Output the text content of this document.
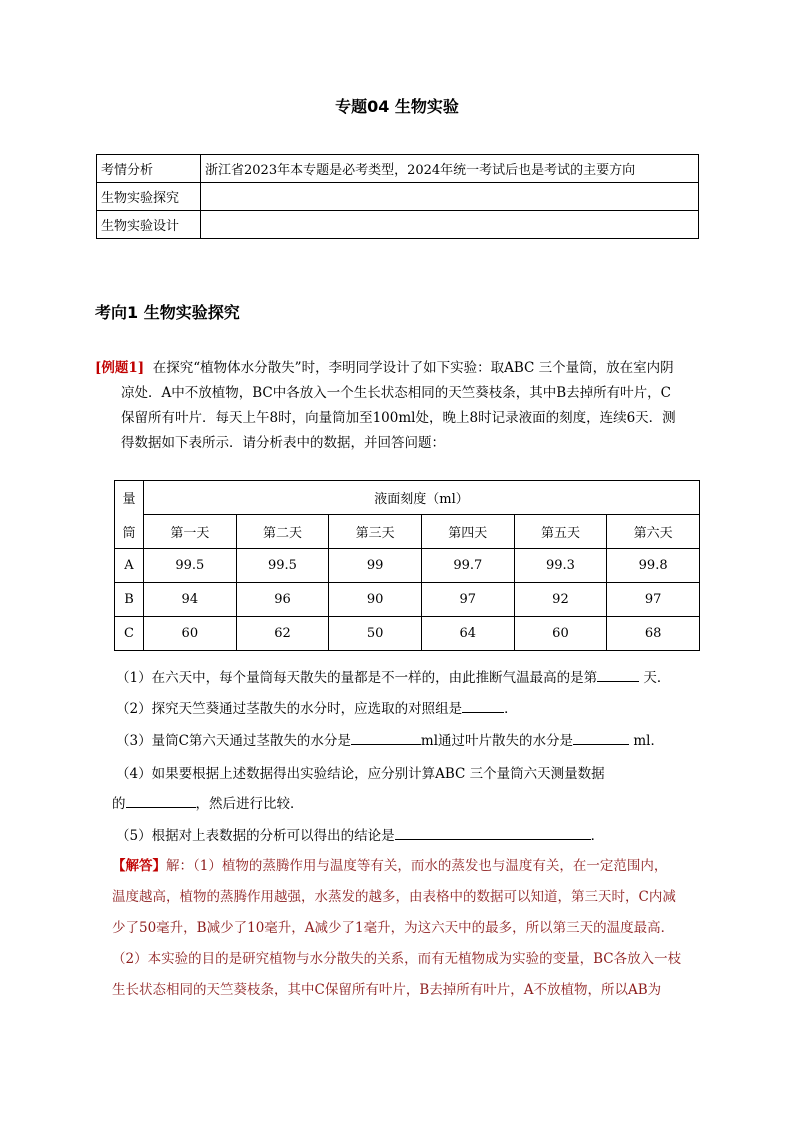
专题04 生物实验
考情分析	浙江省2023年本专题是必考类型，2024年统一考试后也是考试的主要方向
生物实验探究	
生物实验设计	
考向1 生物实验探究
[例题1] 在探究“植物体水分散失”时，李明同学设计了如下实验：取ABC 三个量筒，放在室内阴
凉处．A中不放植物，BC中各放入一个生长状态相同的天竺葵枝条，其中B去掉所有叶片，C
保留所有叶片．每天上午8时，向量筒加至100ml处，晚上8时记录液面的刻度，连续6天．测
得数据如下表所示．请分析表中的数据，并回答问题：
量

筒	液面刻度（ml）					
	第一天	第二天	第三天	第四天	第五天	第六天
A	99.5	99.5	99	99.7	99.3	99.8
B	94	96	90	97	92	97
C	60	62	50	64	60	68
（1）在六天中，每个量筒每天散失的量都是不一样的，由此推断气温最高的是第	天．
（2）探究天竺葵通过茎散失的水分时，应选取的对照组是	．
（3）量筒C第六天通过茎散失的水分是	ml通过叶片散失的水分是	ml．
（4）如果要根据上述数据得出实验结论，应分别计算ABC 三个量筒六天测量数据
的	，然后进行比较．
（5）根据对上表数据的分析可以得出的结论是	．
【解答】解：（1）植物的蒸腾作用与温度等有关，而水的蒸发也与温度有关，在一定范围内，
温度越高，植物的蒸腾作用越强，水蒸发的越多，由表格中的数据可以知道，第三天时，C内减
少了50毫升，B减少了10毫升，A减少了1毫升，为这六天中的最多，所以第三天的温度最高．
（2）本实验的目的是研究植物与水分散失的关系，而有无植物成为实验的变量，BC各放入一枝
生长状态相同的天竺葵枝条，其中C保留所有叶片，B去掉所有叶片，A不放植物，所以AB为
